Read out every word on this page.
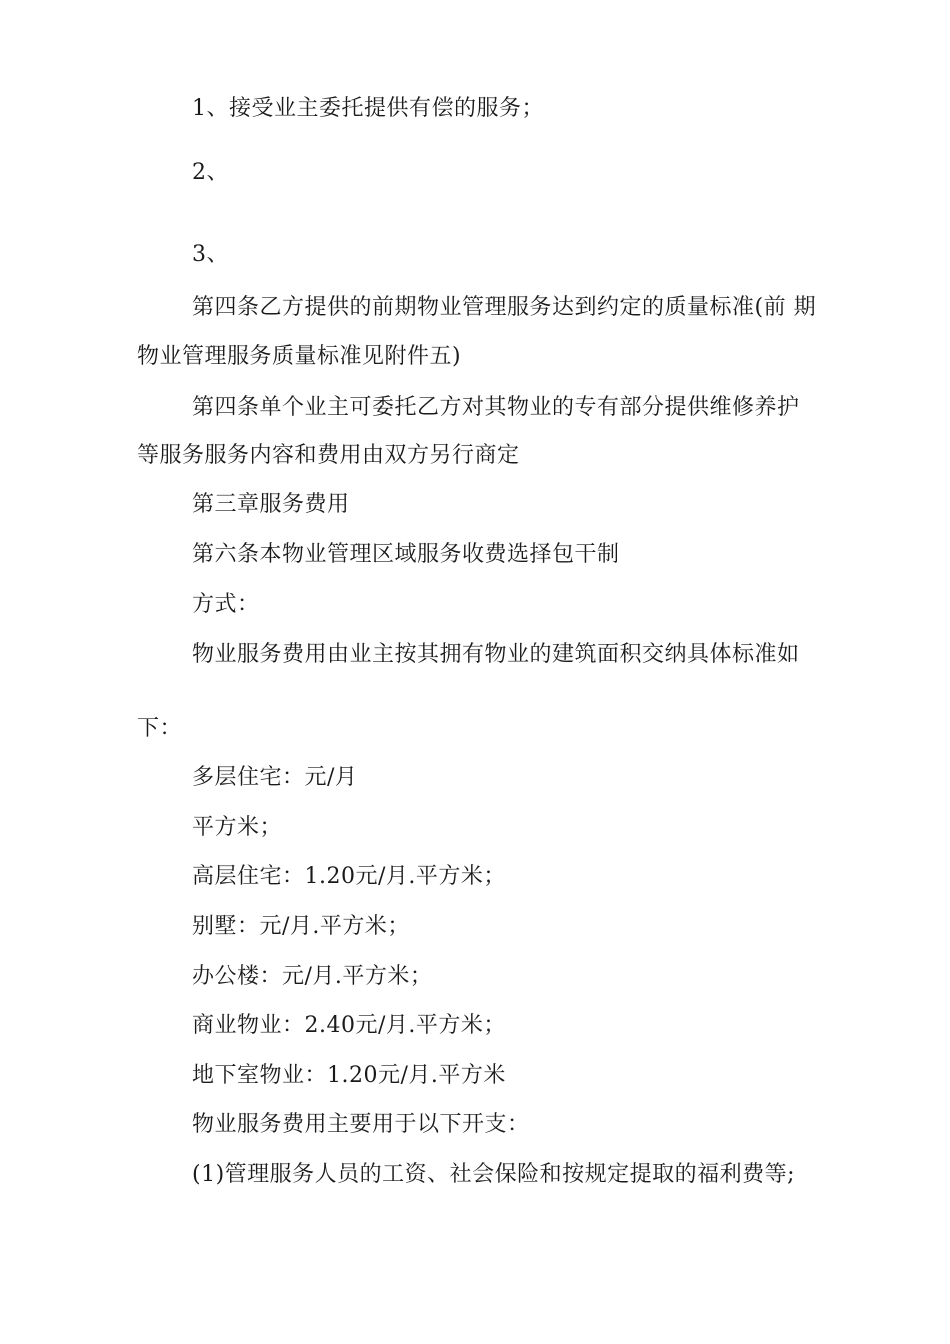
1、接受业主委托提供有偿的服务；
2、
3、
第四条乙方提供的前期物业管理服务达到约定的质量标准(前 期
物业管理服务质量标准见附件五)
第四条单个业主可委托乙方对其物业的专有部分提供维修养护
等服务服务内容和费用由双方另行商定
第三章服务费用
第六条本物业管理区域服务收费选择包干制
方式：
物业服务费用由业主按其拥有物业的建筑面积交纳具体标准如
下：
多层住宅：元/月
平方米；
高层住宅：1.20元/月.平方米；
别墅：元/月.平方米；
办公楼：元/月.平方米；
商业物业：2.40元/月.平方米；
地下室物业：1.20元/月.平方米
物业服务费用主要用于以下开支：
(1)管理服务人员的工资、社会保险和按规定提取的福利费等;
